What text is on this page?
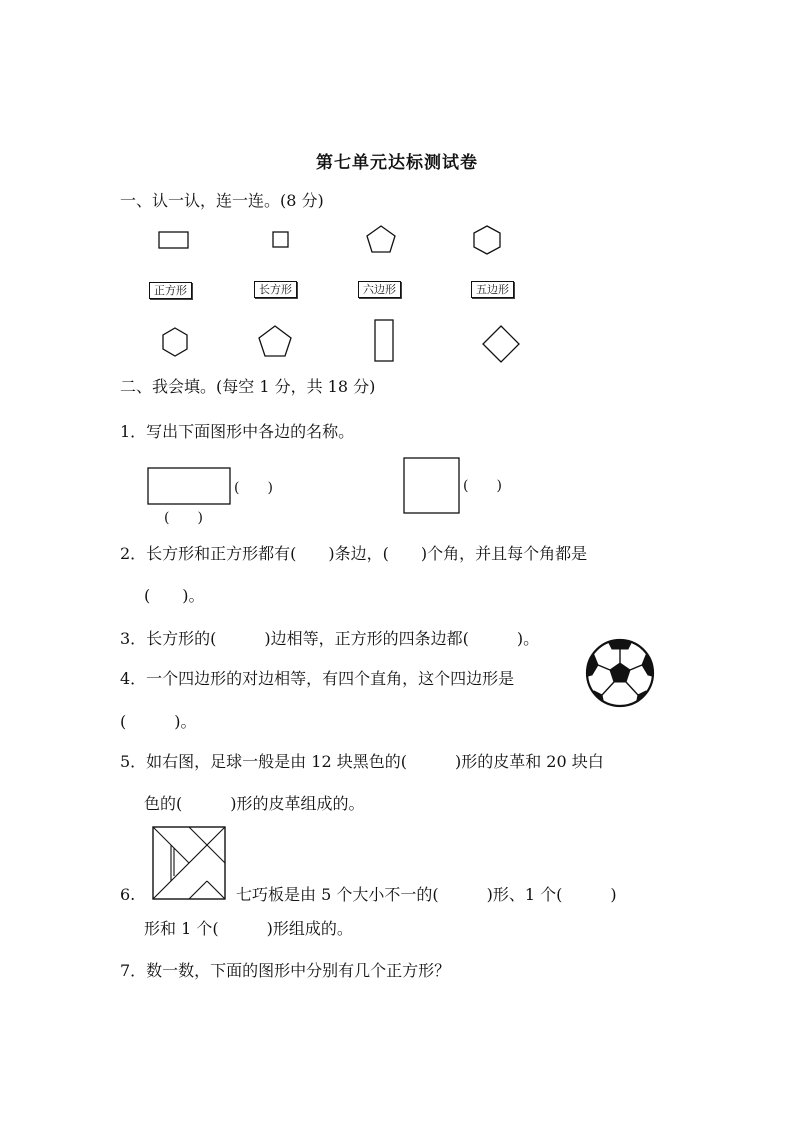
第七单元达标测试卷
一、认一认，连一连。(8 分)
正方形	长方形	六边形	五边形
二、我会填。(每空 1 分，共 18 分)
1．写出下面图形中各边的名称。
(　　)
(　　)
(　　)
2．长方形和正方形都有(　　)条边，(　　)个角，并且每个角都是
(　　)。
3．长方形的(　　　)边相等，正方形的四条边都(　　　)。
4．一个四边形的对边相等，有四个直角，这个四边形是
(　　　)。
5．如右图，足球一般是由 12 块黑色的(　　　)形的皮革和 20 块白
色的(　　　)形的皮革组成的。
6.	七巧板是由 5 个大小不一的(　　　)形、1 个(　　　)
形和 1 个(　　　)形组成的。
7．数一数，下面的图形中分别有几个正方形？
